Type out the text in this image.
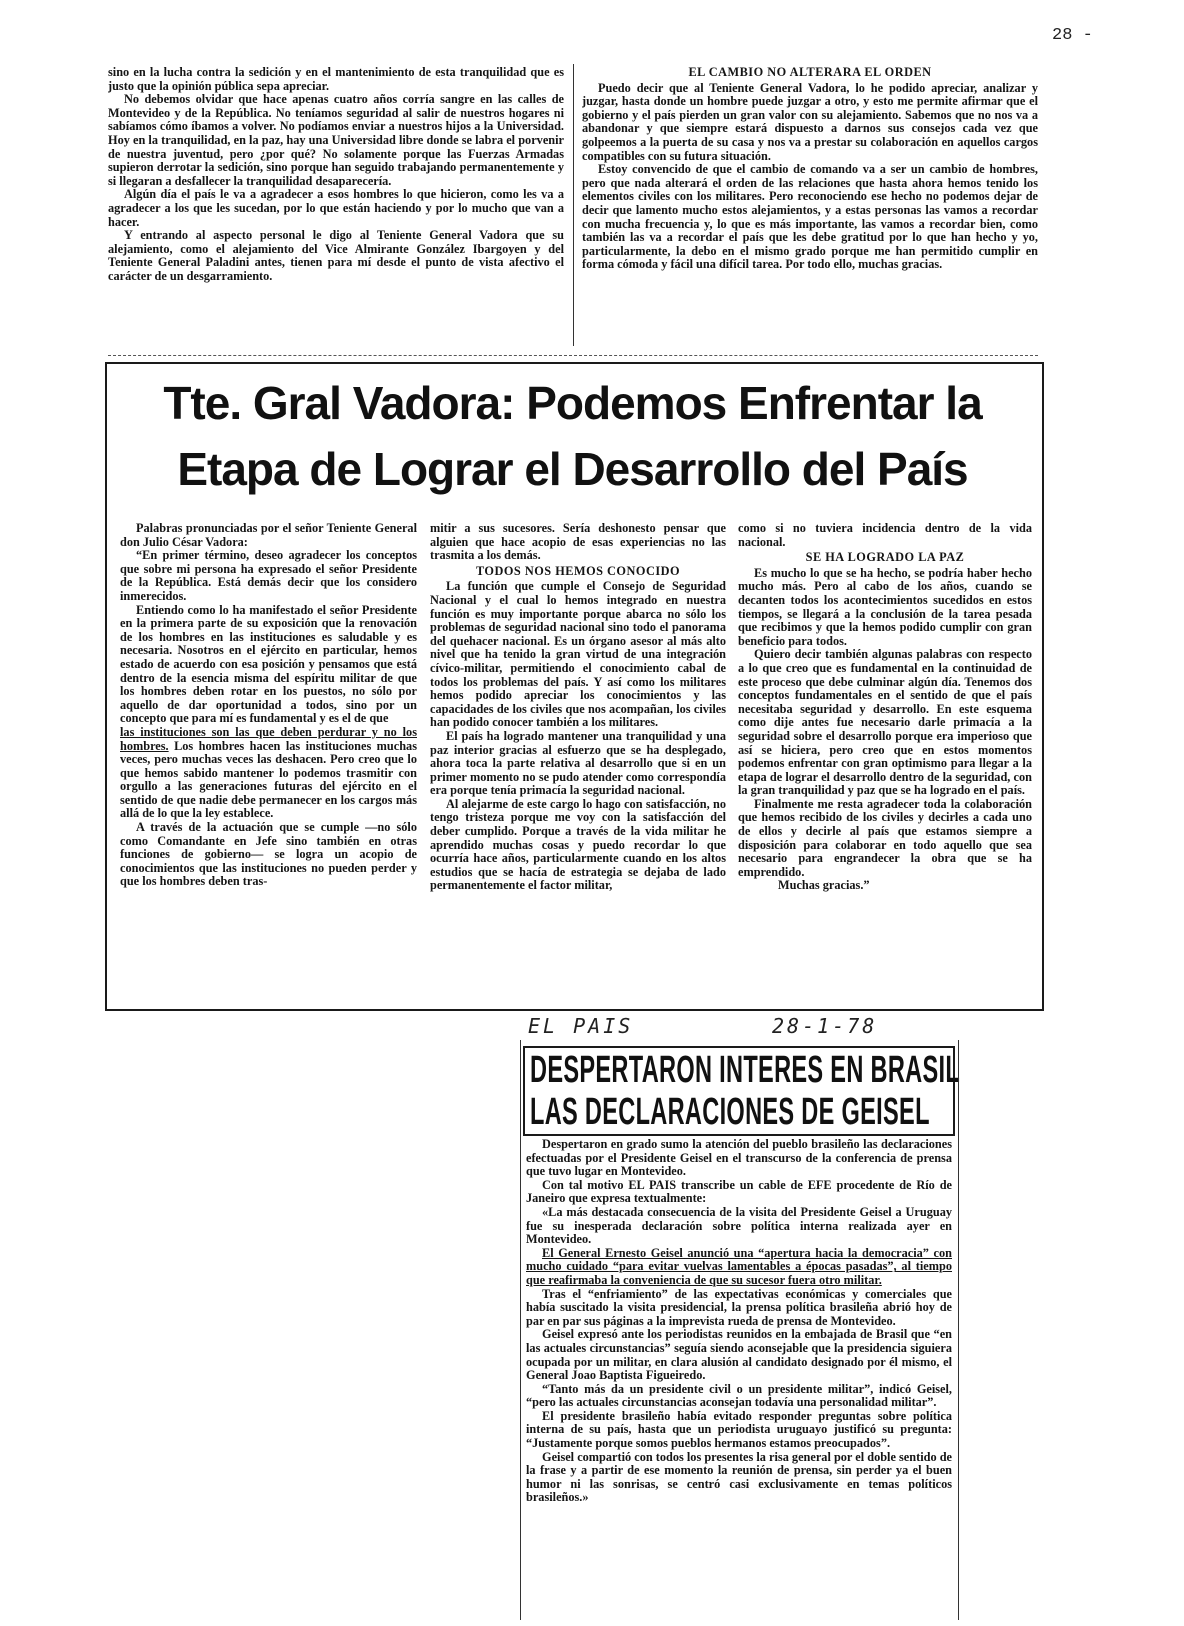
28 -

sino en la lucha contra la sedición y en el mantenimiento de esta tranquilidad que es justo que la opinión pública sepa apreciar.

No debemos olvidar que hace apenas cuatro años corría sangre en las calles de Montevideo y de la República. No teníamos seguridad al salir de nuestros hogares ni sabíamos cómo íbamos a volver. No podíamos enviar a nuestros hijos a la Universidad. Hoy en la tranquilidad, en la paz, hay una Universidad libre donde se labra el porvenir de nuestra juventud, pero ¿por qué? No solamente porque las Fuerzas Armadas supieron derrotar la sedición, sino porque han seguido trabajando permanentemente y si llegaran a desfallecer la tranquilidad desaparecería.

Algún día el país le va a agradecer a esos hombres lo que hicieron, como les va a agradecer a los que les sucedan, por lo que están haciendo y por lo mucho que van a hacer.

Y entrando al aspecto personal le digo al Teniente General Vadora que su alejamiento, como el alejamiento del Vice Almirante González Ibargoyen y del Teniente General Paladini antes, tienen para mí desde el punto de vista afectivo el carácter de un desgarramiento.

EL CAMBIO NO ALTERARA EL ORDEN

Puedo decir que al Teniente General Vadora, lo he podido apreciar, analizar y juzgar, hasta donde un hombre puede juzgar a otro, y esto me permite afirmar que el gobierno y el país pierden un gran valor con su alejamiento. Sabemos que no nos va a abandonar y que siempre estará dispuesto a darnos sus consejos cada vez que golpeemos a la puerta de su casa y nos va a prestar su colaboración en aquellos cargos compatibles con su futura situación.

Estoy convencido de que el cambio de comando va a ser un cambio de hombres, pero que nada alterará el orden de las relaciones que hasta ahora hemos tenido los elementos civiles con los militares. Pero reconociendo ese hecho no podemos dejar de decir que lamento mucho estos alejamientos, y a estas personas las vamos a recordar con mucha frecuencia y, lo que es más importante, las vamos a recordar bien, como también las va a recordar el país que les debe gratitud por lo que han hecho y yo, particularmente, la debo en el mismo grado porque me han permitido cumplir en forma cómoda y fácil una difícil tarea. Por todo ello, muchas gracias.

Tte. Gral Vadora: Podemos Enfrentar la
Etapa de Lograr el Desarrollo del País

Palabras pronunciadas por el señor Teniente General don Julio César Vadora:

“En primer término, deseo agradecer los conceptos que sobre mi persona ha expresado el señor Presidente de la República. Está demás decir que los considero inmerecidos.

Entiendo como lo ha manifestado el señor Presidente en la primera parte de su exposición que la renovación de los hombres en las instituciones es saludable y es necesaria. Nosotros en el ejército en particular, hemos estado de acuerdo con esa posición y pensamos que está dentro de la esencia misma del espíritu militar de que los hombres deben rotar en los puestos, no sólo por aquello de dar oportunidad a todos, sino por un concepto que para mí es fundamental y es el de que

las instituciones son las que deben perdurar y no los hombres. Los hombres hacen las instituciones muchas veces, pero muchas veces las deshacen. Pero creo que lo que hemos sabido mantener lo podemos trasmitir con orgullo a las generaciones futuras del ejército en el sentido de que nadie debe permanecer en los cargos más allá de lo que la ley establece.

A través de la actuación que se cumple —no sólo como Comandante en Jefe sino también en otras funciones de gobierno— se logra un acopio de conocimientos que las instituciones no pueden perder y que los hombres deben tras-

mitir a sus sucesores. Sería deshonesto pensar que alguien que hace acopio de esas experiencias no las trasmita a los demás.

TODOS NOS HEMOS CONOCIDO

La función que cumple el Consejo de Seguridad Nacional y el cual lo hemos integrado en nuestra función es muy importante porque abarca no sólo los problemas de seguridad nacional sino todo el panorama del quehacer nacional. Es un órgano asesor al más alto nivel que ha tenido la gran virtud de una integración cívico-militar, permitiendo el conocimiento cabal de todos los problemas del país. Y así como los militares hemos podido apreciar los conocimientos y las capacidades de los civiles que nos acompañan, los civiles han podido conocer también a los militares.

El país ha logrado mantener una tranquilidad y una paz interior gracias al esfuerzo que se ha desplegado, ahora toca la parte relativa al desarrollo que si en un primer momento no se pudo atender como correspondía era porque tenía primacía la seguridad nacional.

Al alejarme de este cargo lo hago con satisfacción, no tengo tristeza porque me voy con la satisfacción del deber cumplido. Porque a través de la vida militar he aprendido muchas cosas y puedo recordar lo que ocurría hace años, particularmente cuando en los altos estudios que se hacía de estrategia se dejaba de lado permanentemente el factor militar,

como si no tuviera incidencia dentro de la vida nacional.

SE HA LOGRADO LA PAZ

Es mucho lo que se ha hecho, se podría haber hecho mucho más. Pero al cabo de los años, cuando se decanten todos los acontecimientos sucedidos en estos tiempos, se llegará a la conclusión de la tarea pesada que recibimos y que la hemos podido cumplir con gran beneficio para todos.

Quiero decir también algunas palabras con respecto a lo que creo que es fundamental en la continuidad de este proceso que debe culminar algún día. Tenemos dos conceptos fundamentales en el sentido de que el país necesitaba seguridad y desarrollo. En este esquema como dije antes fue necesario darle primacía a la seguridad sobre el desarrollo porque era imperioso que así se hiciera, pero creo que en estos momentos podemos enfrentar con gran optimismo para llegar a la etapa de lograr el desarrollo dentro de la seguridad, con la gran tranquilidad y paz que se ha logrado en el país.

Finalmente me resta agradecer toda la colaboración que hemos recibido de los civiles y decirles a cada uno de ellos y decirle al país que estamos siempre a disposición para colaborar en todo aquello que sea necesario para engrandecer la obra que se ha emprendido.

Muchas gracias.”

EL PAIS	28-1-78
DESPERTARON INTERES EN BRASIL
LAS DECLARACIONES DE GEISEL

Despertaron en grado sumo la atención del pueblo brasileño las declaraciones efectuadas por el Presidente Geisel en el transcurso de la conferencia de prensa que tuvo lugar en Montevideo.

Con tal motivo EL PAIS transcribe un cable de EFE procedente de Río de Janeiro que expresa textualmente:

«La más destacada consecuencia de la visita del Presidente Geisel a Uruguay fue su inesperada declaración sobre política interna realizada ayer en Montevideo.

El General Ernesto Geisel anunció una “apertura hacia la democracia” con mucho cuidado “para evitar vuelvas lamentables a épocas pasadas”, al tiempo que reafirmaba la conveniencia de que su sucesor fuera otro militar.

Tras el “enfriamiento” de las expectativas económicas y comerciales que había suscitado la visita presidencial, la prensa política brasileña abrió hoy de par en par sus páginas a la imprevista rueda de prensa de Montevideo.

Geisel expresó ante los periodistas reunidos en la embajada de Brasil que “en las actuales circunstancias” seguía siendo aconsejable que la presidencia siguiera ocupada por un militar, en clara alusión al candidato designado por él mismo, el General Joao Baptista Figueiredo.

“Tanto más da un presidente civil o un presidente militar”, indicó Geisel, “pero las actuales circunstancias aconsejan todavía una personalidad militar”.

El presidente brasileño había evitado responder preguntas sobre política interna de su país, hasta que un periodista uruguayo justificó su pregunta: “Justamente porque somos pueblos hermanos estamos preocupados”.

Geisel compartió con todos los presentes la risa general por el doble sentido de la frase y a partir de ese momento la reunión de prensa, sin perder ya el buen humor ni las sonrisas, se centró casi exclusivamente en temas políticos brasileños.»
